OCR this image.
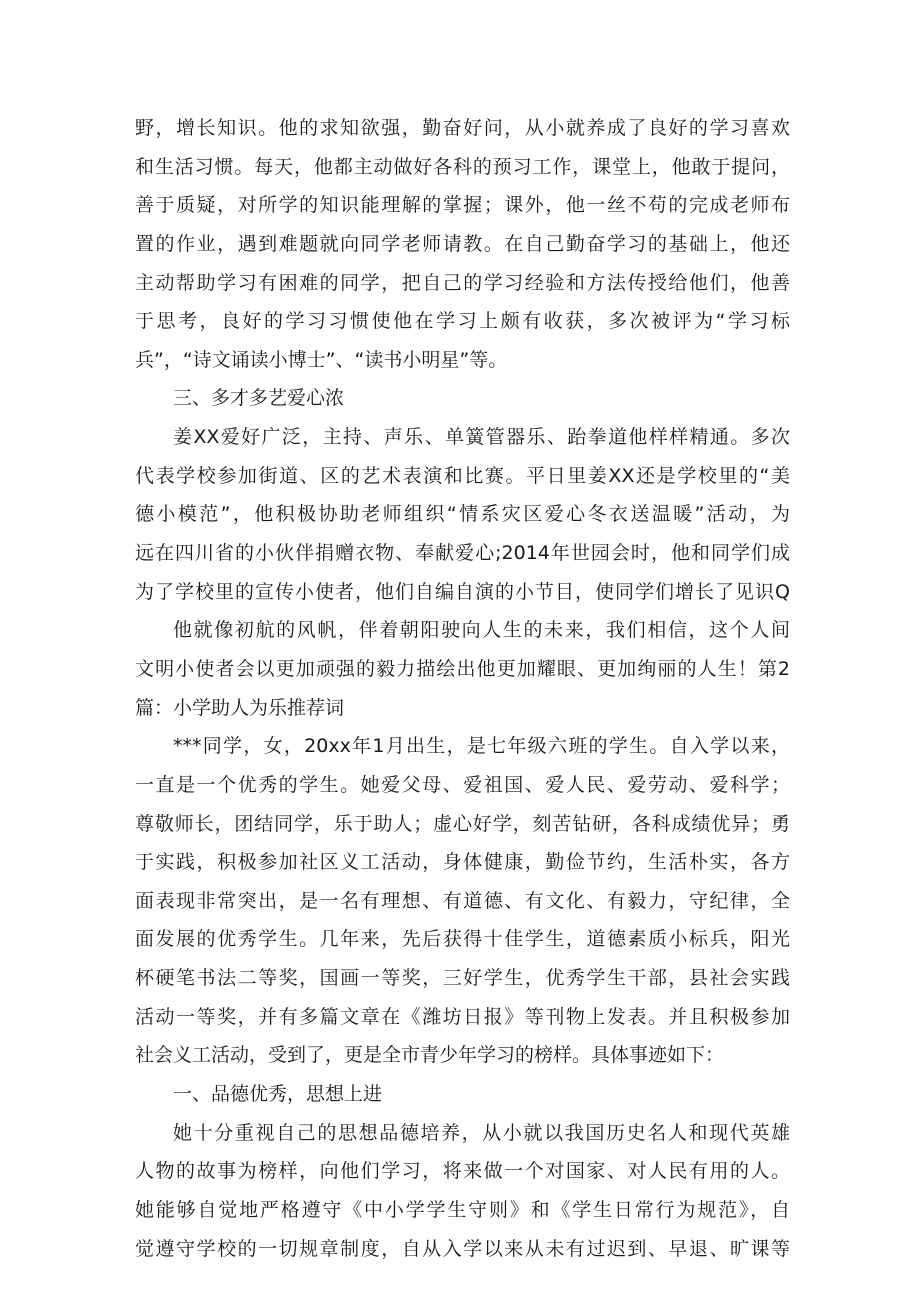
野，增长知识。他的求知欲强，勤奋好问，从小就养成了良好的学习喜欢
和生活习惯。每天，他都主动做好各科的预习工作，课堂上，他敢于提问，
善于质疑，对所学的知识能理解的掌握；课外，他一丝不苟的完成老师布
置的作业，遇到难题就向同学老师请教。在自己勤奋学习的基础上，他还
主动帮助学习有困难的同学，把自己的学习经验和方法传授给他们，他善
于思考，良好的学习习惯使他在学习上颇有收获，多次被评为“学习标
兵”，“诗文诵读小博士”、“读书小明星”等。
三、多才多艺爱心浓
姜XX爱好广泛，主持、声乐、单簧管器乐、跆拳道他样样精通。多次
代表学校参加街道、区的艺术表演和比赛。平日里姜XX还是学校里的“美
德小模范”，他积极协助老师组织“情系灾区爱心冬衣送温暖”活动，为
远在四川省的小伙伴捐赠衣物、奉献爱心;2014年世园会时，他和同学们成
为了学校里的宣传小使者，他们自编自演的小节目，使同学们增长了见识Q
他就像初航的风帆，伴着朝阳驶向人生的未来，我们相信，这个人间
文明小使者会以更加顽强的毅力描绘出他更加耀眼、更加绚丽的人生！第2
篇：小学助人为乐推荐词
***同学，女，20xx年1月出生，是七年级六班的学生。自入学以来，
一直是一个优秀的学生。她爱父母、爱祖国、爱人民、爱劳动、爱科学；
尊敬师长，团结同学，乐于助人；虚心好学，刻苦钻研，各科成绩优异；勇
于实践，积极参加社区义工活动，身体健康，勤俭节约，生活朴实，各方
面表现非常突出，是一名有理想、有道德、有文化、有毅力，守纪律，全
面发展的优秀学生。几年来，先后获得十佳学生，道德素质小标兵，阳光
杯硬笔书法二等奖，国画一等奖，三好学生，优秀学生干部，县社会实践
活动一等奖，并有多篇文章在《潍坊日报》等刊物上发表。并且积极参加
社会义工活动，受到了，更是全市青少年学习的榜样。具体事迹如下：
一、品德优秀，思想上进
她十分重视自己的思想品德培养，从小就以我国历史名人和现代英雄
人物的故事为榜样，向他们学习，将来做一个对国家、对人民有用的人。
她能够自觉地严格遵守《中小学学生守则》和《学生日常行为规范》，自
觉遵守学校的一切规章制度，自从入学以来从未有过迟到、早退、旷课等
